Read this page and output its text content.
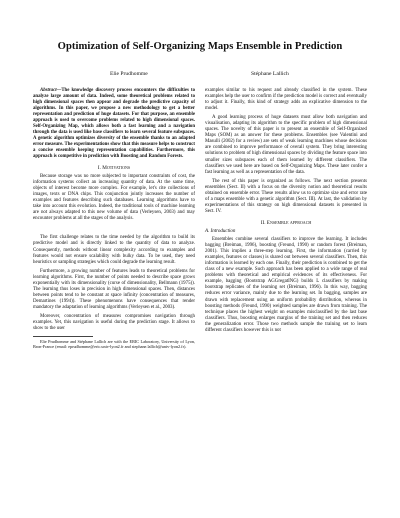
Optimization of Self-Organizing Maps Ensemble in Prediction
Elie Prudhomme	Stéphane Lallich

Abstract—The knowledge discovery process encounters the difficulties to analyze large amount of data. Indeed, some theoretical problems related to high dimensional spaces then appear and degrade the predictive capacity of algorithms. In this paper, we propose a new methodology to get a better representation and prediction of huge datasets. For that purpose, an ensemble approach is used to overcome problems related to high dimensional spaces. Self-Organizing Map, which allows both a fast learning and a navigation through the data is used like base classifiers to learn several feature subspaces. A genetic algorithm optimizes diversity of the ensemble thanks to an adapted error measure. The experimentations show that this measure helps to construct a concise ensemble keeping representation capabilities. Furthermore, this approach is competitive in prediction with Boosting and Random Forests.

I. Motivations

Because storage was no more subjected to important constraints of cost, the information systems collect an increasing quantity of data. At the same time, objects of interest become more complex. For example, let's cite collections of images, texts or DNA chips. This conjunction jointly increases the number of examples and features describing such databases. Learning algorithms have to take into account this evolution. Indeed, the traditional tools of machine learning are not always adapted to this new volume of data (Verleysen, 2003) and may encounter problems at all the stages of the analysis.

The first challenge relates to the time needed by the algorithm to build its predictive model and is directly linked to the quantity of data to analyze. Consequently, methods without linear complexity according to examples and features would not ensure scalability with bulky data. To be used, they need heuristics or sampling strategies which could degrade the learning result.

Furthermore, a growing number of features leads to theoretical problems for learning algorithms. First, the number of points needed to describe space grows exponentially with its dimensionality (curse of dimensionality, Bellmann (1975)). The learning thus loses in precision in high dimensional spaces. Then, distances between points tend to be constant at space infinity (concentration of measures, Demartines (1994)). These phenomenons have consequences that render mandatory the adaptation of learning algorithms (Verleysen et al., 2003).

Moreover, concentration of measures compromises navigation through examples. Yet, this navigation is useful during the prediction stage. It allows to show to the user

Elie Prudhomme and Stéphane Lallich are with the ERIC Laboratory, University of Lyon, Bron-France (email: eprudhomme@eric.univ-lyon2.fr and stephane.lallich@univ-lyon2.fr).

examples similar to his request and already classified in the system. These examples help the user to confirm if the prediction model is correct and eventually to adjust it. Finally, this kind of strategy adds an explicative dimension to the model.

A good learning process of huge datasets must allow both navigation and visualisation, adapting its algorithm to the specific problem of high dimensional spaces. The novelty of this paper is to present an ensemble of Self-Organized Maps (SOM) as an answer for these problems. Ensembles (see Valentini and Masulli (2002) for a review) are sets of weak learning machines whose decisions are combined to improve performance of overall system. They bring interesting solutions to problem of high dimensional spaces by dividing the feature space into smaller sizes subspaces each of them learned by different classifiers. The classifiers we used here are based on Self-Organizing Maps. These later confer a fast learning as well as a representation of the data.

The rest of this paper is organized as follows. The next section presents ensembles (Sect. II) with a focus on the diversity notion and theoretical results obtained on ensemble error. These results allow us to optimize size and error rate of a maps ensemble with a genetic algorithm (Sect. III). At last, the validation by experimentations of this strategy on high dimensional datasets is presented in Sect. IV.

II. Ensemble approach
A. Introduction

Ensembles combine several classifiers to improve the learning. It includes bagging (Breiman, 1996), boosting (Freund, 1990) or random forest (Breiman, 2001). This implies a three-step learning. First, the information (carried by examples, features or classes) is shared out between several classifiers. Then, this information is learned by each one. Finally, their prediction is combined to get the class of a new example. Such approach has been applied to a wide range of real problems with theoretical and empirical evidences of its effectiveness. For example, bagging (Bootstrap AGGregatING) builds L classifiers by making bootstrap replicates of the learning set (Breiman, 1996). In this way, bagging reduces error variance, mainly due to the learning set. In bagging, samples are drawn with replacement using an uniform probability distribution, whereas in boosting methods (Freund, 1990) weighted samples are drawn from training. The technique places the highest weight on examples misclassified by the last base classifiers. Thus, boosting enlarges margins of the training set and then reduces the generalization error. Those two methods sample the training set to learn different classifiers however this is not
